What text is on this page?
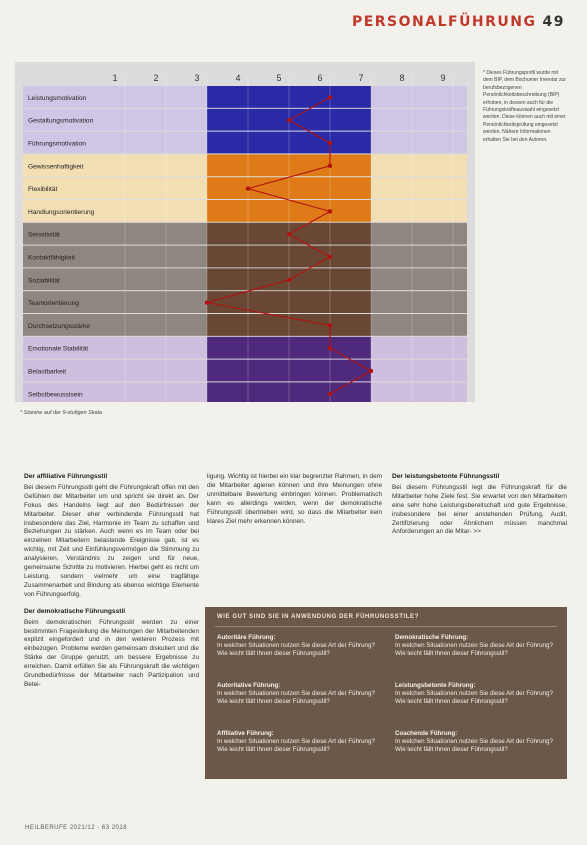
PERSONALFÜHRUNG 49
1	2	3	4	5	6	7	8	9
Leistungsmotivation
Gestaltungsmotivation
Führungsmotivation
Gewissenhaftigkeit
Flexibilität
Handlungsorientierung
Sensitivität
Kontaktfähigkeit
Soziabilität
Teamorientierung
Durchsetzungsstärke
Emotionale Stabilität
Belastbarkeit
Selbstbewusstsein
* Stanine auf der 9-stufigen Skala
* Dieses Führungsprofil wurde mit dem BIP, dem Bochumer Inventar zur berufsbezogenen Persönlichkeitsbeschreibung (BIP) erhoben, in dessen auch für die Führungskräfteauswahl eingesetzt werden. Diese können auch mit einer Persönlichkeitsprüfung eingesetzt werden. Nähere Informationen erhalten Sie bei den Autoren.
Der affiliative Führungsstil

Bei diesem Führungsstil geht die Führungskraft offen mit den Gefühlen der Mitarbeiter um und spricht sie direkt an. Der Fokus des Handelns liegt auf den Bedürfnissen der Mitarbeiter. Dieser eher verbindende Führungsstil hat insbesondere das Ziel, Harmonie im Team zu schaffen und Beziehungen zu stärken. Auch wenn es im Team oder bei einzelnen Mitarbeitern belastende Ereignisse gab, ist es wichtig, mit Zeit und Einfühlungsvermögen die Stimmung zu analysieren, Verständnis zu zeigen und für neue, gemeinsame Schritte zu motivieren. Hierbei geht es nicht um Leistung, sondern vielmehr um eine tragfähige Zusammenarbeit und Bindung als ebenso wichtige Elemente von Führungserfolg.

Der demokratische Führungsstil

Beim demokratischen Führungsstil werden zu einer bestimmten Fragestellung die Meinungen der Mitarbeitenden explizit eingefordert und in den weiteren Prozess mit einbezogen. Probleme werden gemeinsam diskutiert und die Stärke der Gruppe genutzt, um bessere Ergebnisse zu erreichen. Damit erfüllen Sie als Führungskraft die wichtigen Grundbedürfnisse der Mitarbeiter nach Partizipation und Betei-

ligung. Wichtig ist hierbei ein klar begrenzter Rahmen, in dem die Mitarbeiter agieren können und ihre Meinungen ohne unmittelbare Bewertung einbringen können. Problematisch kann es allerdings werden, wenn der demokratische Führungsstil übertrieben wird, so dass die Mitarbeiter kein klares Ziel mehr erkennen können.

Der leistungsbetonte Führungsstil

Bei diesem Führungsstil legt die Führungskraft für die Mitarbeiter hohe Ziele fest. Sie erwartet von den Mitarbeitern eine sehr hohe Leistungsbereitschaft und gute Ergebnisse, insbesondere bei einer anstehenden Prüfung, Audit, Zertifizierung oder Ähnlichem müssen manchmal Anforderungen an die Mitar- >>

WIE GUT SIND SIE IN ANWENDUNG DER FÜHRUNGSSTILE?
Autoritäre Führung:
In welchen Situationen nutzen Sie diese Art der Führung?
Wie leicht fällt Ihnen dieser Führungsstil?
Demokratische Führung:
In welchen Situationen nutzen Sie diese Art der Führung?
Wie leicht fällt Ihnen dieser Führungsstil?
Autoritative Führung:
In welchen Situationen nutzen Sie diese Art der Führung?
Wie leicht fällt Ihnen dieser Führungsstil?
Leistungsbetonte Führung:
In welchen Situationen nutzen Sie diese Art der Führung?
Wie leicht fällt Ihnen dieser Führungsstil?
Affiliative Führung:
In welchen Situationen nutzen Sie diese Art der Führung?
Wie leicht fällt Ihnen dieser Führungsstil?
Coachende Führung:
In welchen Situationen nutzen Sie diese Art der Führung?
Wie leicht fällt Ihnen dieser Führungsstil?
HEILBERUFE 2021/12 · 63 2018
